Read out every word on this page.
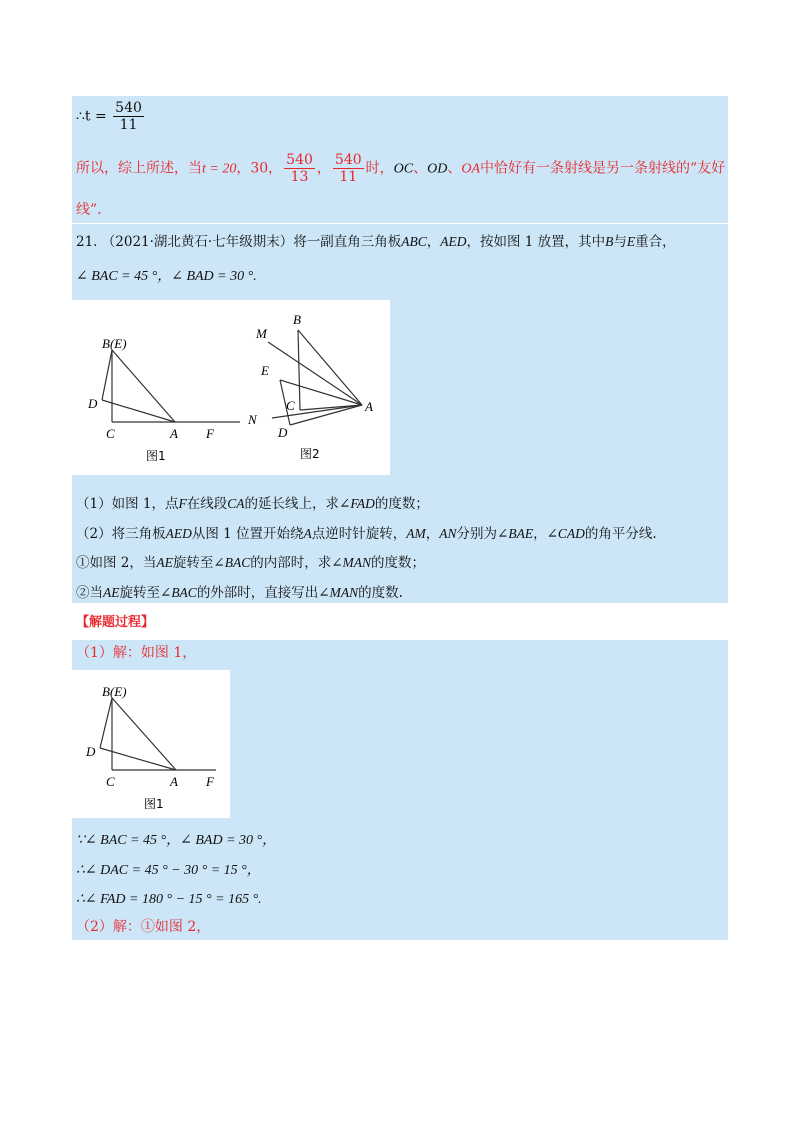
∴t = $\frac{540}{11}$
所以，综上所述，当t = 20，30， $\frac{540}{13}$ ， $\frac{540}{11}$ 时，OC、OD、OA中恰好有一条射线是另一条射线的“友好
线”.
21. （2021·湖北黄石·七年级期末）将一副直角三角板ABC，AED，按如图 1 放置，其中B与E重合，
∠ BAC = 45 °，∠ BAD = 30 °.
B(E)
D
C	A F
图1
M
B
E
C	A
N
D
图2
（1）如图 1，点F在线段CA的延长线上，求∠FAD的度数；
（2）将三角板AED从图 1 位置开始绕A点逆时针旋转，AM，AN分别为∠BAE，∠CAD的角平分线.
①如图 2，当AE旋转至∠BAC的内部时，求∠MAN的度数；
②当AE旋转至∠BAC的外部时，直接写出∠MAN的度数.
【解题过程】
（1）解：如图 1，
B(E)
D
C	A F
图1
∵∠ BAC = 45 °，∠ BAD = 30 °，
∴∠ DAC = 45 ° − 30 ° = 15 °，
∴∠ FAD = 180 ° − 15 ° = 165 °.
（2）解：①如图 2，
